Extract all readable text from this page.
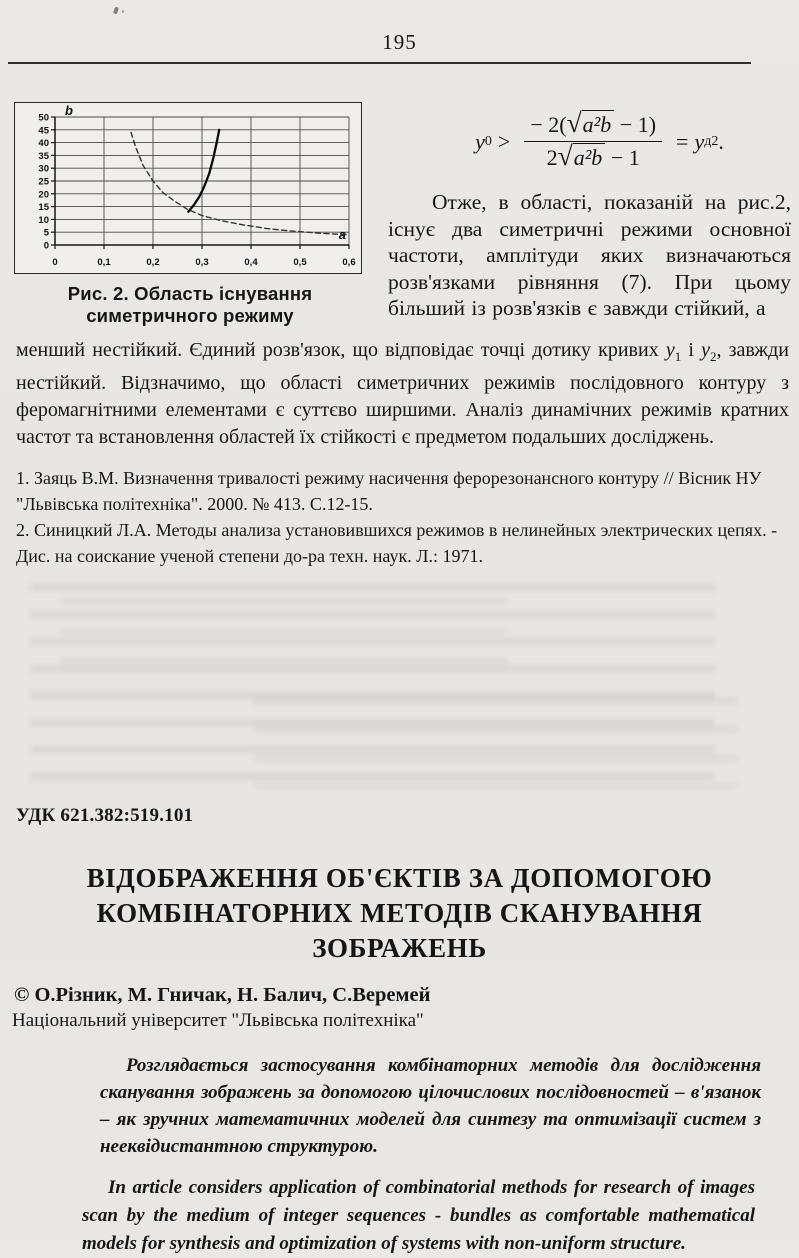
195
0
5
10
15
20
25
30
35
40
45
50
0	0,1	0,2	0,3	0,4	0,5	0,6
b
a
Рис. 2. Область існування симетричного режиму
y $0 > \frac{\text{− 2(√a²b − 1)}}{\text{2√a²b − 1}} = y$ д2 .

Отже, в області, показаній на рис.2, існує два симетричні режими основної частоти, амплітуди яких визначаються розв'язками рівняння (7). При цьому більший із розв'язків є завжди стійкий, а

менший нестійкий. Єдиний розв'язок, що відповідає точці дотику кривих $y_1$ і $y_2$, завжди нестійкий. Відзначимо, що області симетричних режимів послідовного контуру з феромагнітними елементами є суттєво ширшими. Аналіз динамічних режимів кратних частот та встановлення областей їх стійкості є предметом подальших досліджень.

1. Заяць В.М. Визначення тривалості режиму насичення ферорезонансного контуру // Вісник НУ "Львівська політехніка". 2000. № 413. С.12-15.

2. Синицкий Л.А. Методы анализа установившихся режимов в нелинейных электрических цепях. - Дис. на соискание ученой степени до-ра техн. наук. Л.: 1971.

УДК 621.382:519.101
ВІДОБРАЖЕННЯ ОБ'ЄКТІВ ЗА ДОПОМОГОЮ КОМБІНАТОРНИХ МЕТОДІВ СКАНУВАННЯ ЗОБРАЖЕНЬ
© О.Різник, М. Гничак, Н. Балич, С.Веремей
Національний університет "Львівська політехніка"

Розглядається застосування комбінаторних методів для дослідження сканування зображень за допомогою цілочислових послідовностей – в'язанок – як зручних математичних моделей для синтезу та оптимізації систем з нееквідистантною структурою.

In article considers application of combinatorial methods for research of images scan by the medium of integer sequences - bundles as comfortable mathematical models for synthesis and optimization of systems with non-uniform structure.
